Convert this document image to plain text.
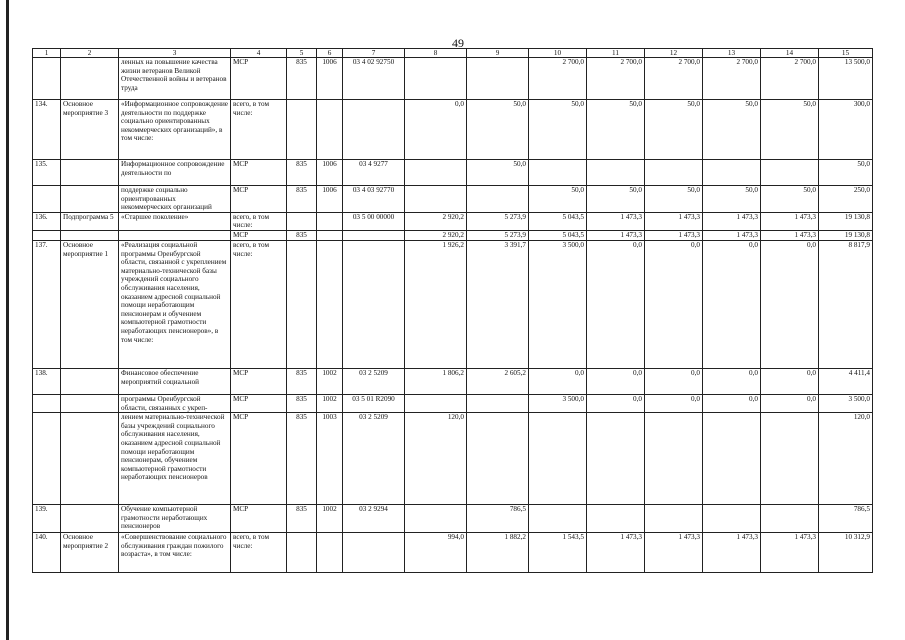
49
1	2	3	4	5	6	7	8	9	10	11	12	13	14	15
		ленных на повышение качества жизни ветеранов Великой Отечественной войны и ветеранов труда	МСР	835	1006	03 4 02 92750			2 700,0	2 700,0	2 700,0	2 700,0	2 700,0	13 500,0
134.	Основное мероприятие 3	«Информационное сопровождение деятельности по поддержке социально ориентированных некоммерческих организаций», в том числе:	всего, в том числе:				0,0	50,0	50,0	50,0	50,0	50,0	50,0	300,0
135.		Информационное сопровождение деятельности по	МСР	835	1006	03 4 9277		50,0						50,0
		поддержке социально ориентированных некоммерческих организаций	МСР	835	1006	03 4 03 92770			50,0	50,0	50,0	50,0	50,0	250,0
136.	Подпрограмма 5	«Старшее поколение»	всего, в том числе:			03 5 00 00000	2 920,2	5 273,9	5 043,5	1 473,3	1 473,3	1 473,3	1 473,3	19 130,8
			МСР	835			2 920,2	5 273,9	5 043,5	1 473,3	1 473,3	1 473,3	1 473,3	19 130,8
137.	Основное мероприятие 1	«Реализация социальной программы Оренбургской области, связанной с укреплением материально-технической базы учреждений социального обслуживания населения, оказанием адресной социальной помощи неработающим пенсионерам и обучением компьютерной грамотности неработающих пенсионеров», в том числе:	всего, в том числе:				1 926,2	3 391,7	3 500,0	0,0	0,0	0,0	0,0	8 817,9
138.		Финансовое обеспечение мероприятий социальной	МСР	835	1002	03 2 5209	1 806,2	2 605,2	0,0	0,0	0,0	0,0	0,0	4 411,4
		программы Оренбургской области, связанных с укреп-	МСР	835	1002	03 5 01 R2090			3 500,0	0,0	0,0	0,0	0,0	3 500,0
		лением материально-технической базы учреждений социального обслуживания населения, оказанием адресной социальной помощи неработающим пенсионерам, обучением компьютерной грамотности неработающих пенсионеров	МСР	835	1003	03 2 5209	120,0							120,0
139.		Обучение компьютерной грамотности неработающих пенсионеров	МСР	835	1002	03 2 9294		786,5						786,5
140.	Основное мероприятие 2	«Совершенствование социального обслуживания граждан пожилого возраста», в том числе:	всего, в том числе:				994,0	1 882,2	1 543,5	1 473,3	1 473,3	1 473,3	1 473,3	10 312,9
